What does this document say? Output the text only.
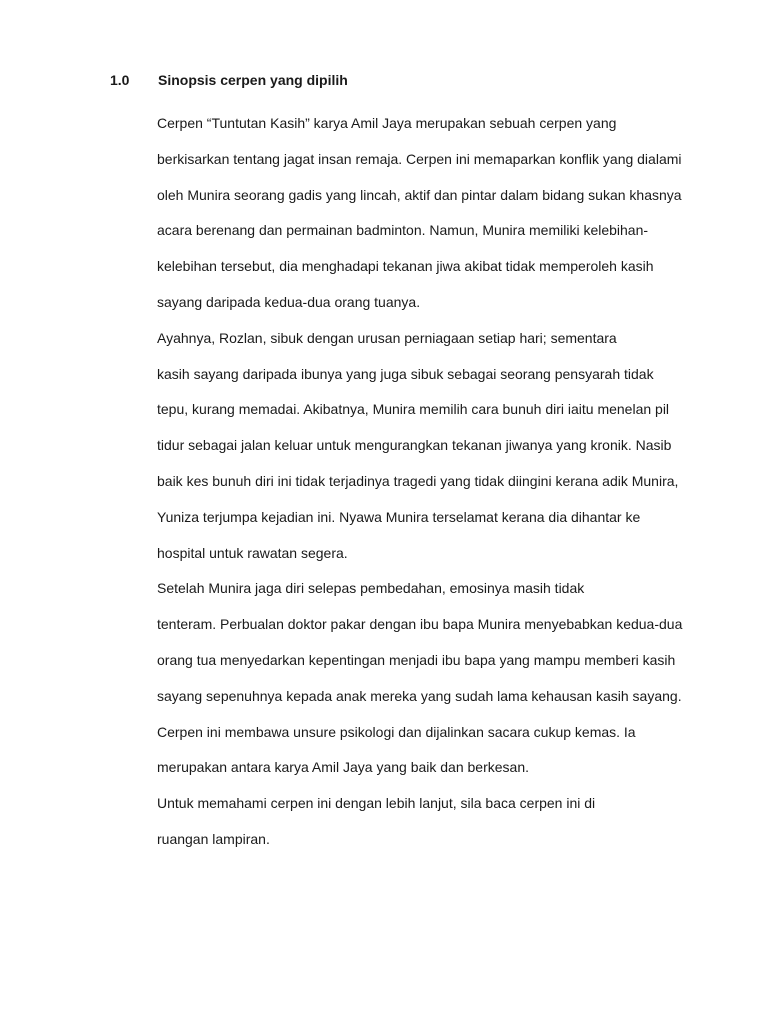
1.0 Sinopsis cerpen yang dipilih

Cerpen “Tuntutan Kasih” karya Amil Jaya merupakan sebuah cerpen yang
berkisarkan tentang jagat insan remaja. Cerpen ini memaparkan konflik yang dialami
oleh Munira seorang gadis yang lincah, aktif dan pintar dalam bidang sukan khasnya
acara berenang dan permainan badminton. Namun, Munira memiliki kelebihan-
kelebihan tersebut, dia menghadapi tekanan jiwa akibat tidak memperoleh kasih
sayang daripada kedua-dua orang tuanya.

Ayahnya, Rozlan, sibuk dengan urusan perniagaan setiap hari; sementara
kasih sayang daripada ibunya yang juga sibuk sebagai seorang pensyarah tidak
tepu, kurang memadai. Akibatnya, Munira memilih cara bunuh diri iaitu menelan pil
tidur sebagai jalan keluar untuk mengurangkan tekanan jiwanya yang kronik. Nasib
baik kes bunuh diri ini tidak terjadinya tragedi yang tidak diingini kerana adik Munira,
Yuniza terjumpa kejadian ini. Nyawa Munira terselamat kerana dia dihantar ke
hospital untuk rawatan segera.

Setelah Munira jaga diri selepas pembedahan, emosinya masih tidak
tenteram. Perbualan doktor pakar dengan ibu bapa Munira menyebabkan kedua-dua
orang tua menyedarkan kepentingan menjadi ibu bapa yang mampu memberi kasih
sayang sepenuhnya kepada anak mereka yang sudah lama kehausan kasih sayang.
Cerpen ini membawa unsure psikologi dan dijalinkan sacara cukup kemas. Ia
merupakan antara karya Amil Jaya yang baik dan berkesan.

Untuk memahami cerpen ini dengan lebih lanjut, sila baca cerpen ini di
ruangan lampiran.
